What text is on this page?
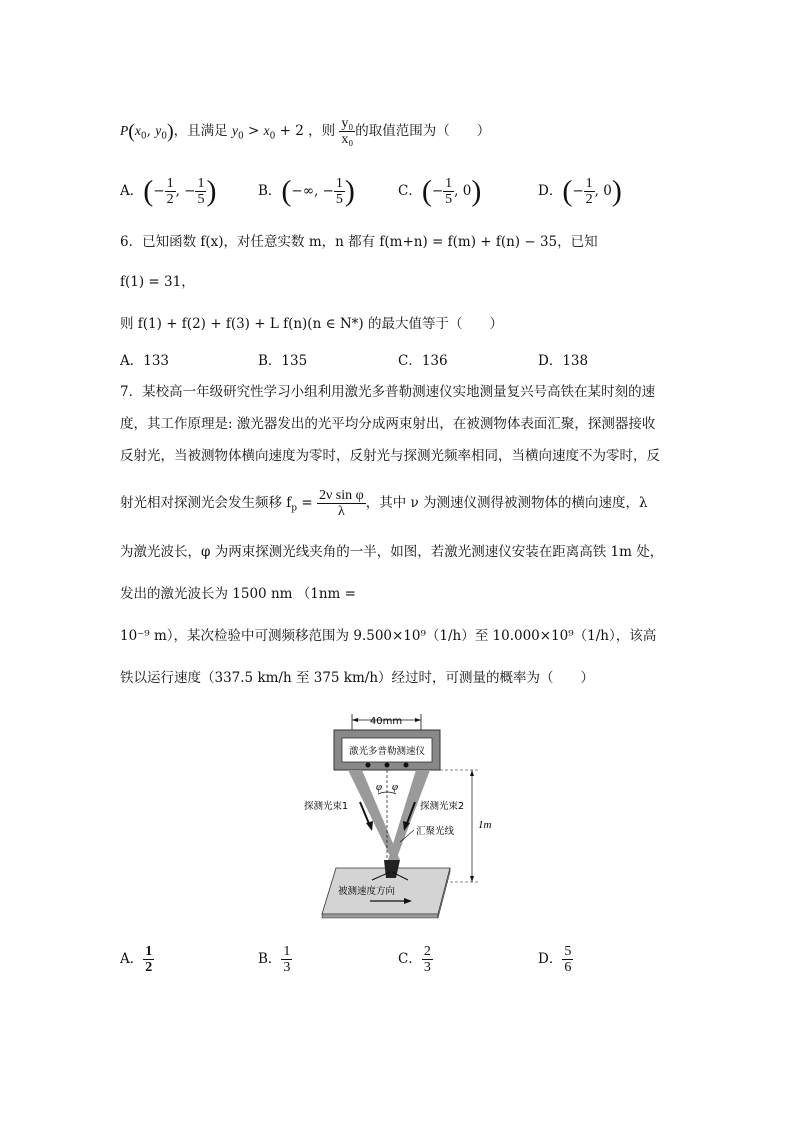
$P(x_0$, $y_0$)，且满足 $y_0 > x_0 + 2$ ，则 $\frac{\text{y₀}}{\text{x₀}}$ 的取值范围为（　　）
A．(− $\frac{1}{2}$ , − $\frac{1}{5}$ )	B．(−∞, − $\frac{1}{5}$ )	C．(− $\frac{1}{5}$ , 0)	D．(− $\frac{1}{2}$ , 0)
6．已知函数 f(x)，对任意实数 m，n 都有 f(m+n) = f(m) + f(n) − 35，已知
f(1) = 31，
则 f(1) + f(2) + f(3) + L f(n)(n ∈ N*) 的最大值等于（　　）
A．133	B．135	C．136	D．138
7．某校高一年级研究性学习小组利用激光多普勒测速仪实地测量复兴号高铁在某时刻的速
度，其工作原理是: 激光器发出的光平均分成两束射出，在被测物体表面汇聚，探测器接收
反射光，当被测物体横向速度为零时，反射光与探测光频率相同，当横向速度不为零时，反
射光相对探测光会发生频移 $f_p = \frac{\text{2ν sin φ}}{\lambda}$ ，其中 ν 为测速仪测得被测物体的横向速度，λ
为激光波长，φ 为两束探测光线夹角的一半，如图，若激光测速仪安装在距离高铁 1m 处，
发出的激光波长为 1500 nm （1nm =
10⁻⁹ m），某次检验中可测频移范围为 9.500×10⁹（1/h）至 10.000×10⁹（1/h），该高
铁以运行速度（337.5 km/h 至 375 km/h）经过时，可测量的概率为（　　）
40mm
激光多普勒测速仪
φ φ
探测光束1	探测光束2
汇聚光线
1m
被测速度方向
A． $\frac{1}{2}$	B． $\frac{1}{3}$	C． $\frac{2}{3}$	D． $\frac{5}{6}$
